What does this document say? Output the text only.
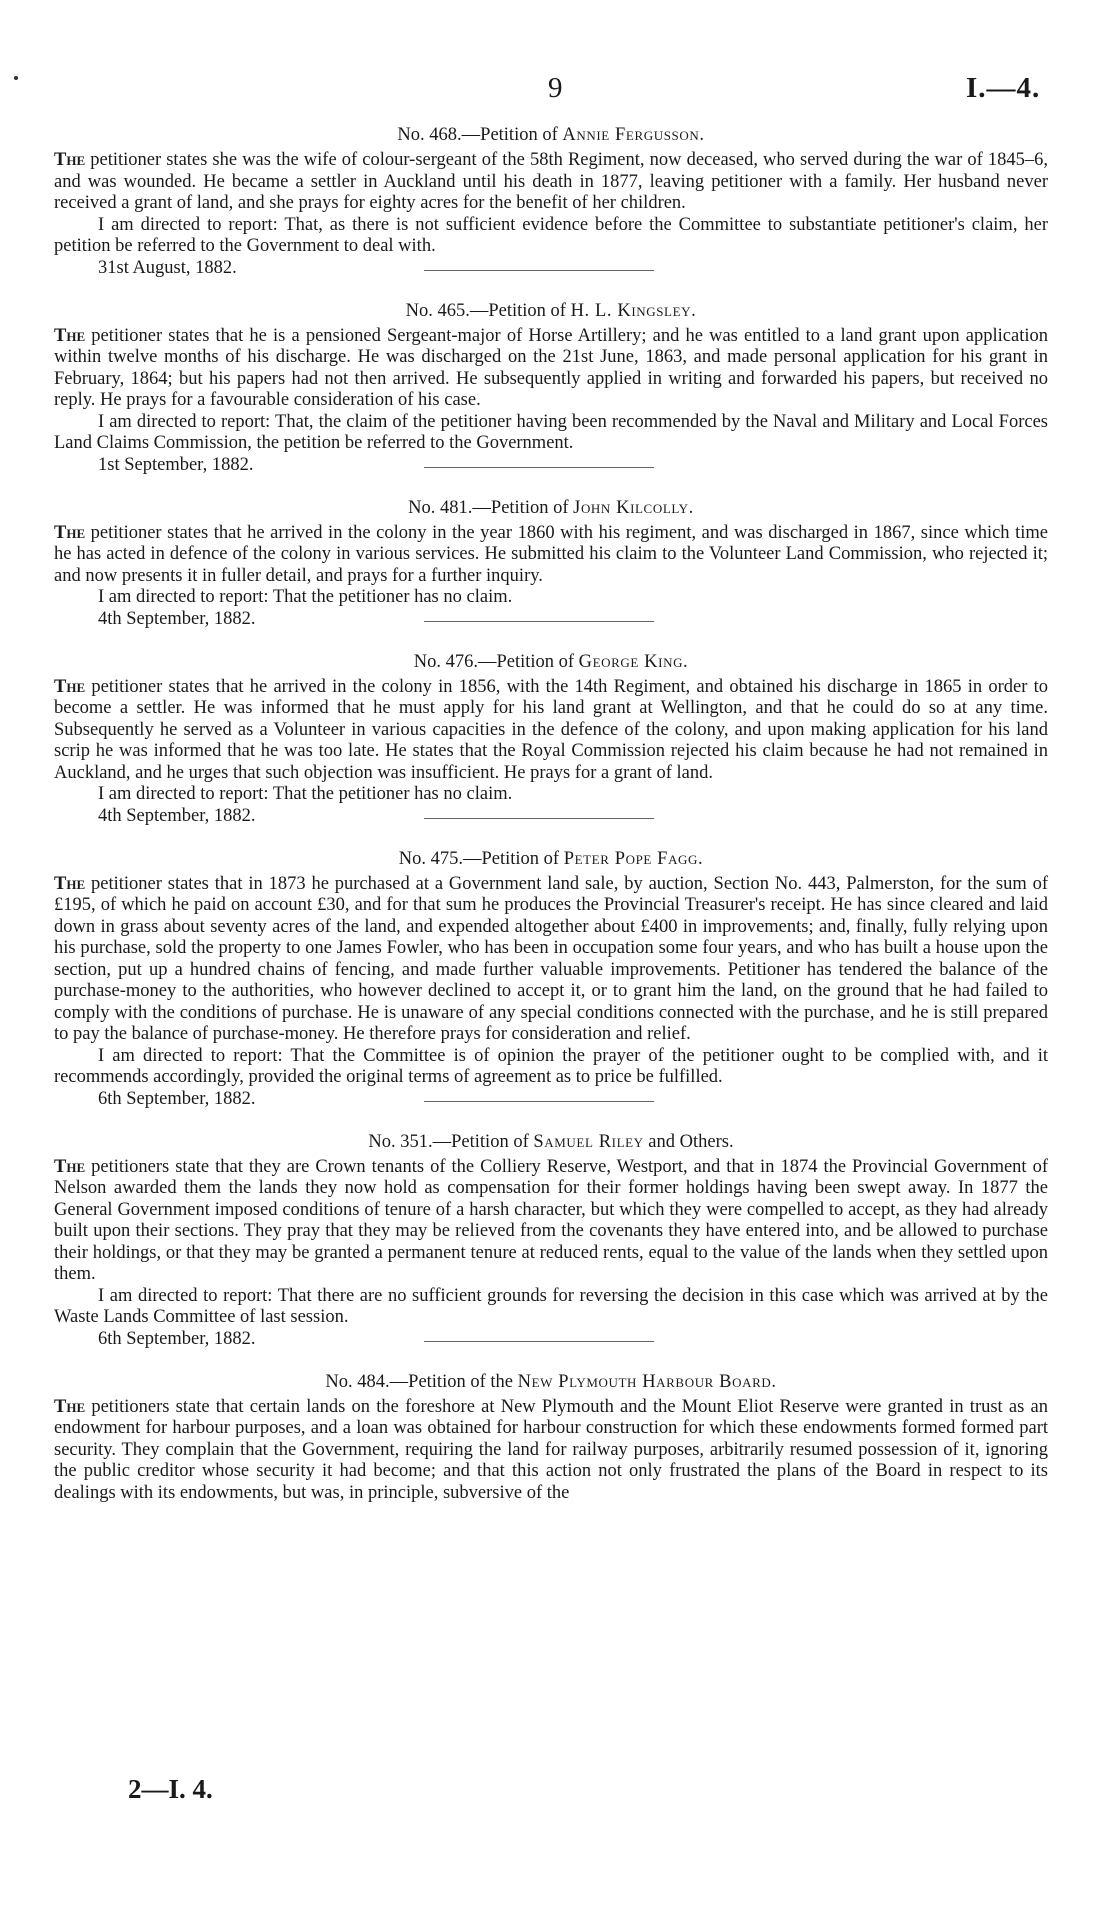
9	I.—4.

No. 468.—Petition of Annie Fergusson.

The petitioner states she was the wife of colour-sergeant of the 58th Regiment, now deceased, who served during the war of 1845–6, and was wounded. He became a settler in Auckland until his death in 1877, leaving petitioner with a family. Her husband never received a grant of land, and she prays for eighty acres for the benefit of her children.

I am directed to report: That, as there is not sufficient evidence before the Committee to substantiate petitioner's claim, her petition be referred to the Government to deal with.

31st August, 1882.

No. 465.—Petition of H. L. Kingsley.

The petitioner states that he is a pensioned Sergeant-major of Horse Artillery; and he was entitled to a land grant upon application within twelve months of his discharge. He was discharged on the 21st June, 1863, and made personal application for his grant in February, 1864; but his papers had not then arrived. He subsequently applied in writing and forwarded his papers, but received no reply. He prays for a favourable consideration of his case.

I am directed to report: That, the claim of the petitioner having been recommended by the Naval and Military and Local Forces Land Claims Commission, the petition be referred to the Government.

1st September, 1882.

No. 481.—Petition of John Kilcolly.

The petitioner states that he arrived in the colony in the year 1860 with his regiment, and was discharged in 1867, since which time he has acted in defence of the colony in various services. He submitted his claim to the Volunteer Land Commission, who rejected it; and now presents it in fuller detail, and prays for a further inquiry.

I am directed to report: That the petitioner has no claim.

4th September, 1882.

No. 476.—Petition of George King.

The petitioner states that he arrived in the colony in 1856, with the 14th Regiment, and obtained his discharge in 1865 in order to become a settler. He was informed that he must apply for his land grant at Wellington, and that he could do so at any time. Subsequently he served as a Volunteer in various capacities in the defence of the colony, and upon making application for his land scrip he was informed that he was too late. He states that the Royal Commission rejected his claim because he had not remained in Auckland, and he urges that such objection was insufficient. He prays for a grant of land.

I am directed to report: That the petitioner has no claim.

4th September, 1882.

No. 475.—Petition of Peter Pope Fagg.

The petitioner states that in 1873 he purchased at a Government land sale, by auction, Section No. 443, Palmerston, for the sum of £195, of which he paid on account £30, and for that sum he produces the Provincial Treasurer's receipt. He has since cleared and laid down in grass about seventy acres of the land, and expended altogether about £400 in improvements; and, finally, fully relying upon his purchase, sold the property to one James Fowler, who has been in occupation some four years, and who has built a house upon the section, put up a hundred chains of fencing, and made further valuable improvements. Petitioner has tendered the balance of the purchase-money to the authorities, who however declined to accept it, or to grant him the land, on the ground that he had failed to comply with the conditions of purchase. He is unaware of any special conditions connected with the purchase, and he is still prepared to pay the balance of purchase-money. He therefore prays for consideration and relief.

I am directed to report: That the Committee is of opinion the prayer of the petitioner ought to be complied with, and it recommends accordingly, provided the original terms of agreement as to price be fulfilled.

6th September, 1882.

No. 351.—Petition of Samuel Riley and Others.

The petitioners state that they are Crown tenants of the Colliery Reserve, Westport, and that in 1874 the Provincial Government of Nelson awarded them the lands they now hold as compensation for their former holdings having been swept away. In 1877 the General Government imposed conditions of tenure of a harsh character, but which they were compelled to accept, as they had already built upon their sections. They pray that they may be relieved from the covenants they have entered into, and be allowed to purchase their holdings, or that they may be granted a permanent tenure at reduced rents, equal to the value of the lands when they settled upon them.

I am directed to report: That there are no sufficient grounds for reversing the decision in this case which was arrived at by the Waste Lands Committee of last session.

6th September, 1882.

No. 484.—Petition of the New Plymouth Harbour Board.

The petitioners state that certain lands on the foreshore at New Plymouth and the Mount Eliot Reserve were granted in trust as an endowment for harbour purposes, and a loan was obtained for harbour construction for which these endowments formed formed part security. They complain that the Government, requiring the land for railway purposes, arbitrarily resumed possession of it, ignoring the public creditor whose security it had become; and that this action not only frustrated the plans of the Board in respect to its dealings with its endowments, but was, in principle, subversive of the

2—I. 4.
